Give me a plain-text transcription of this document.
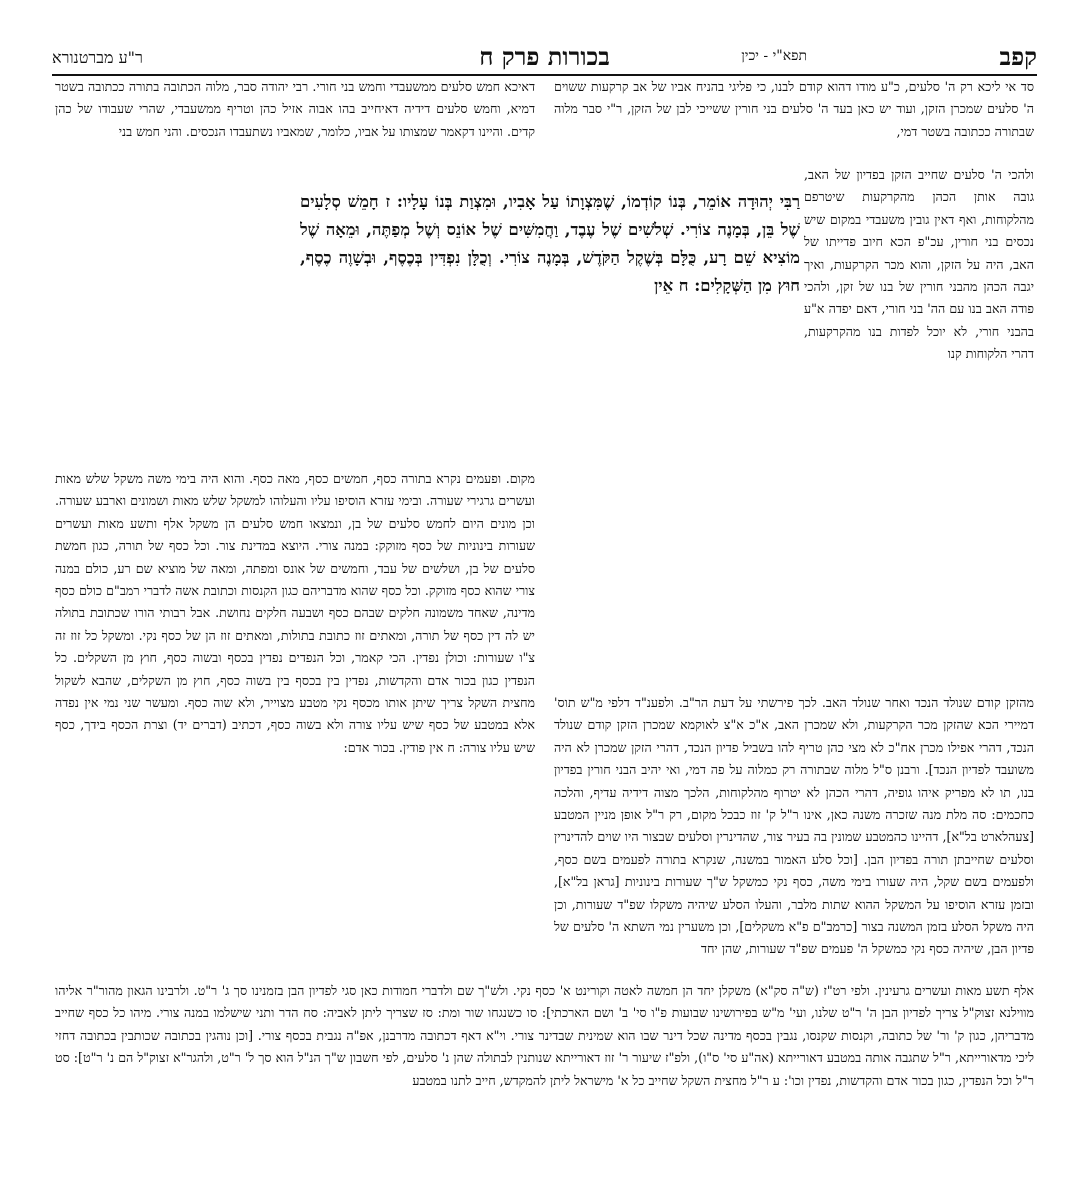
קפב
תפא"י - יכין
בכורות פרק ח
ר"ע מברטנורא

סד אי ליכא רק ה' סלעים, כ"ע מודו דהוא קודם לבנו, כי פליגי בהניח אביו של אב קרקעות ששוים ה' סלעים שמכרן הזקן, ועוד יש כאן בעד ה' סלעים בני חורין ששייכי לבן של הזקן, ר"י סבר מלוה שבתורה ככתובה בשטר דמי,

ולהכי ה' סלעים שחייב הזקן בפדיון של האב, גובה אותן הכהן מהקרקעות שיטרפם מהלקוחות, ואף דאין גובין משעבדי במקום שיש נכסים בני חורין, עכ"פ הכא חיוב פדייתו של האב, היה על הזקן, והוא מכר הקרקעות, ואיך יגבה הכהן מהבני חורין של בנו של זקן, ולהכי פודה האב בנו עם הה' בני חורי, דאם יפדה א"ע בהבני חורי, לא יוכל לפדות בנו מהקרקעות, דהרי הלקוחות קנו

מהזקן קודם שנולד הנכד ואחר שנולד האב. לכך פירשתי על דעת הר"ב. ולפענ"ד דלפי מ"ש תוס' דמיירי הכא שהזקן מכר הקרקעות, ולא שמכרן האב, א"כ א"צ לאוקמא שמכרן הזקן קודם שנולד הנכד, דהרי אפילו מכרן אח"כ לא מצי כהן טריף להו בשביל פדיון הנכד, דהרי הזקן שמכרן לא היה משועבד לפדיון הנכד]. ורבנן ס"ל מלוה שבתורה רק כמלוה על פה דמי, ואי יהיב הבני חורין בפדיון בנו, תו לא מפריק איהו גופיה, דהרי הכהן לא יטרוף מהלקוחות, הלכך מצוה דידיה עדיף, והלכה כחכמים: סה מלת מנה שזכרה משנה כאן, אינו ר"ל ק' זוז כבכל מקום, רק ר"ל אופן מניין המטבע [צעהלארט בל"א], דהיינו כהמטבע שמונין בה בעיר צור, שהדינרין וסלעים שבצור היו שוים להדינרין וסלעים שחייבתן תורה בפדיון הבן. [וכל סלע האמור במשנה, שנקרא בתורה לפעמים בשם כסף, ולפעמים בשם שקל, היה שעורו בימי משה, כסף נקי כמשקל ש"ך שעורות בינוניות [גראן בל"א], ובזמן עזרא הוסיפו על המשקל ההוא שתות מלבר, והעלו הסלע שיהיה משקלו שפ"ד שעורות, וכן היה משקל הסלע בזמן המשנה בצור [כרמב"ם פ"א משקלים], וכן משערין נמי השתא ה' סלעים של פדיון הבן, שיהיה כסף נקי כמשקל ה' פעמים שפ"ד שעורות, שהן יחד

דאיכא חמש סלעים ממשעבדי וחמש בני חורי. רבי יהודה סבר, מלוה הכתובה בתורה ככתובה בשטר דמיא, וחמש סלעים דידיה דאיחייב בהו אבוה אזיל כהן וטריף ממשעבדי, שהרי שעבודו של כהן קדים. והיינו דקאמר שמצותו על אביו, כלומר, שמאביו נשתעבדו הנכסים. והני חמש בני

רַבִּי יְהוּדָה אוֹמֵר, בְּנוֹ קוֹדְמוֹ, שֶׁמִּצְוָתוֹ עַל אָבִיו, וּמִצְוַת בְּנוֹ עָלָיו: ז חָמֵשׁ סְלָעִים שֶׁל בֵּן, בְּמָנֶה צוֹרִי. שְׁלֹשִׁים שֶׁל עֶבֶד, וַחֲמִשִּׁים שֶׁל אוֹנֵס וְשֶׁל מְפַתֶּה, וּמֵאָה שֶׁל מוֹצִיא שֵׁם רָע, כֻּלָּם בְּשֶׁקֶל הַקֹּדֶשׁ, בְּמָנֶה צוֹרִי. וְכֻלָּן נִפְדִּין בְּכֶסֶף, וּבְשָׁוֶה כֶסֶף, חוּץ מִן הַשְּׁקָלִים: ח אֵין

מקום. ופעמים נקרא בתורה כסף, חמשים כסף, מאה כסף. והוא היה בימי משה משקל שלש מאות ועשרים גרגירי שעורה. ובימי עזרא הוסיפו עליו והעלוהו למשקל שלש מאות ושמונים וארבע שעורה. וכן מונים היום לחמש סלעים של בן, ונמצאו חמש סלעים הן משקל אלף ותשע מאות ועשרים שעורות בינוניות של כסף מזוקק: במנה צורי. היוצא במדינת צור. וכל כסף של תורה, כגון חמשת סלעים של בן, ושלשים של עבד, וחמשים של אונס ומפתה, ומאה של מוציא שם רע, כולם במנה צורי שהוא כסף מזוקק. וכל כסף שהוא מדבריהם כגון הקנסות וכתובת אשה לדברי רמב"ם כולם כסף מדינה, שאחד משמונה חלקים שבהם כסף ושבעה חלקים נחושת. אבל רבותי הורו שכתובת בתולה יש לה דין כסף של תורה, ומאתים זוז כתובת בתולות, ומאתים זוז הן של כסף נקי. ומשקל כל זוז זה צ"ו שעורות: וכולן נפדין. הכי קאמר, וכל הנפדים נפדין בכסף ובשוה כסף, חוץ מן השקלים. כל הנפדין כגון בכור אדם והקדשות, נפדין בין בכסף בין בשוה כסף, חוץ מן השקלים, שהבא לשקול מחצית השקל צריך שיתן אותו מכסף נקי מטבע מצוייר, ולא שוה כסף. ומעשר שני נמי אין נפדה אלא במטבע של כסף שיש עליו צורה ולא בשוה כסף, דכתיב (דברים יד) וצרת הכסף בידך, כסף שיש עליו צורה: ח אין פודין. בכור אדם:

אלף תשע מאות ועשרים גרעינין. ולפי רט"ז (ש"ה סק"א) משקלן יחד הן חמשה לאטה וקורינט א' כסף נקי. ולש"ך שם ולדברי חמודות כאן סגי לפדיון הבן בזמנינו סך ג' ר"ט. ולרבינו הגאון מהור"ר אליהו מווילנא זצוק"ל צריך לפדיון הבן ה' ר"ט שלנו, ועי' מ"ש בפירושינו שבועות פ"ו סי' ב' ושם הארכתי]: סו כשנגחו שור ומת: סז שצריך ליתן לאביה: סח הדר ותני שישלמו במנה צורי. מיהו כל כסף שחייב מדבריהן, כגון ק' ור' של כתובה, וקנסות שקנסו, נגבין בכסף מדינה שכל דינר שבו הוא שמינית שבדינר צורי. וי"א דאף דכתובה מדרבנן, אפ"ה נגבית בכסף צורי. [וכן נוהגין בכתובה שכותבין בכתובה דחזי ליכי מדאורייתא, ר"ל שתגבה אותה במטבע דאורייתא (אה"ע סי' ס"ו), ולפ"ז שיעור ר' זוז דאורייתא שנותנין לבתולה שהן נ' סלעים, לפי חשבון ש"ך הנ"ל הוא סך ל' ר"ט, ולהגר"א זצוק"ל הם נ' ר"ט]: סט ר"ל וכל הנפדין, כגון בכור אדם והקדשות, נפדין וכו': ע ר"ל מחצית השקל שחייב כל א' מישראל ליתן להמקדש, חייב לתנו במטבע
